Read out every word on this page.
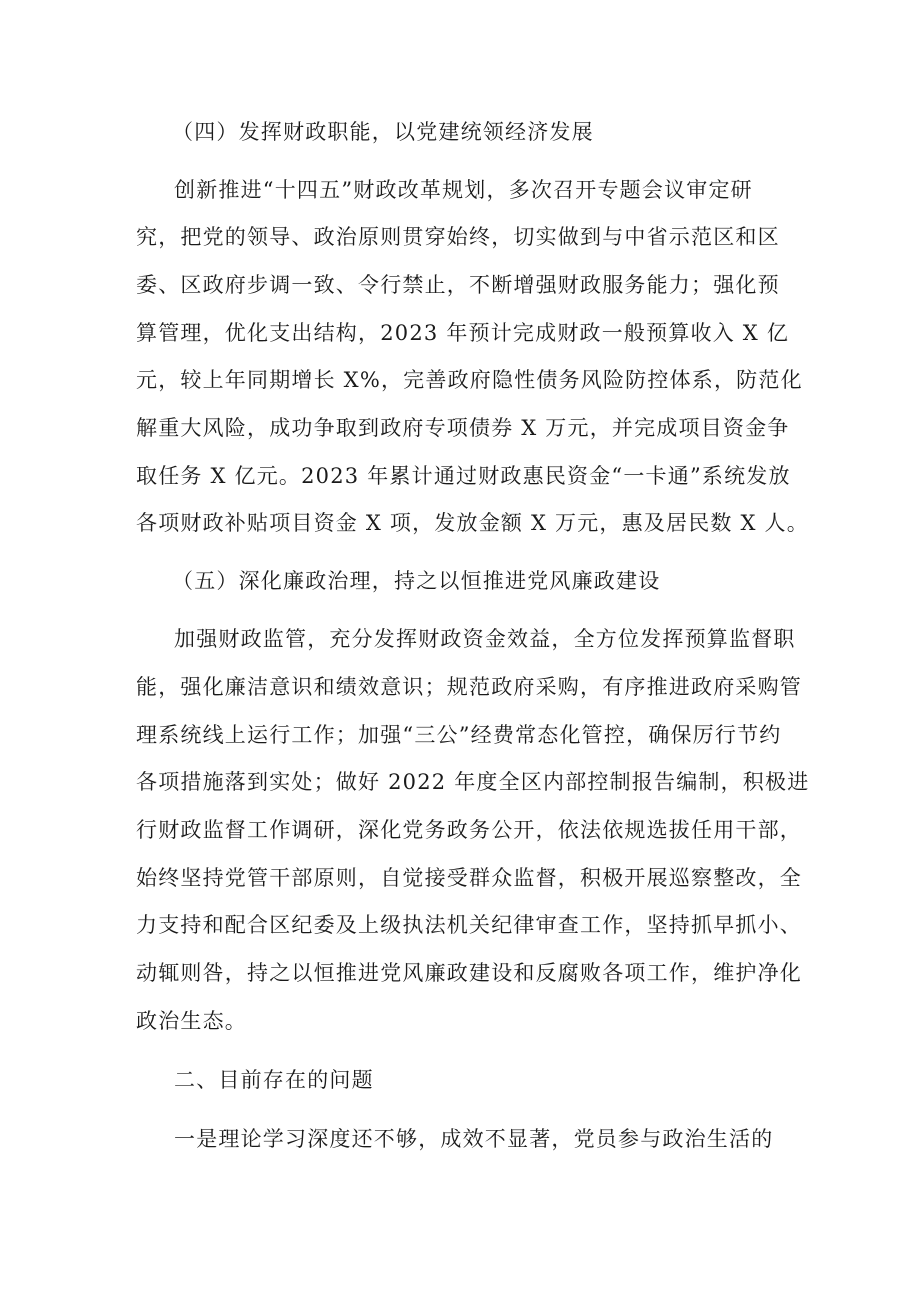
（四）发挥财政职能，以党建统领经济发展
创新推进“十四五”财政改革规划，多次召开专题会议审定研
究，把党的领导、政治原则贯穿始终，切实做到与中省示范区和区
委、区政府步调一致、令行禁止，不断增强财政服务能力；强化预
算管理，优化支出结构，2023 年预计完成财政一般预算收入 X 亿
元，较上年同期增长 X%，完善政府隐性债务风险防控体系，防范化
解重大风险，成功争取到政府专项债券 X 万元，并完成项目资金争
取任务 X 亿元。2023 年累计通过财政惠民资金“一卡通”系统发放
各项财政补贴项目资金 X 项，发放金额 X 万元，惠及居民数 X 人。
（五）深化廉政治理，持之以恒推进党风廉政建设
加强财政监管，充分发挥财政资金效益，全方位发挥预算监督职
能，强化廉洁意识和绩效意识；规范政府采购，有序推进政府采购管
理系统线上运行工作；加强“三公”经费常态化管控，确保厉行节约
各项措施落到实处；做好 2022 年度全区内部控制报告编制，积极进
行财政监督工作调研，深化党务政务公开，依法依规选拔任用干部，
始终坚持党管干部原则，自觉接受群众监督，积极开展巡察整改，全
力支持和配合区纪委及上级执法机关纪律审查工作，坚持抓早抓小、
动辄则咎，持之以恒推进党风廉政建设和反腐败各项工作，维护净化
政治生态。
二、目前存在的问题
一是理论学习深度还不够，成效不显著，党员参与政治生活的
